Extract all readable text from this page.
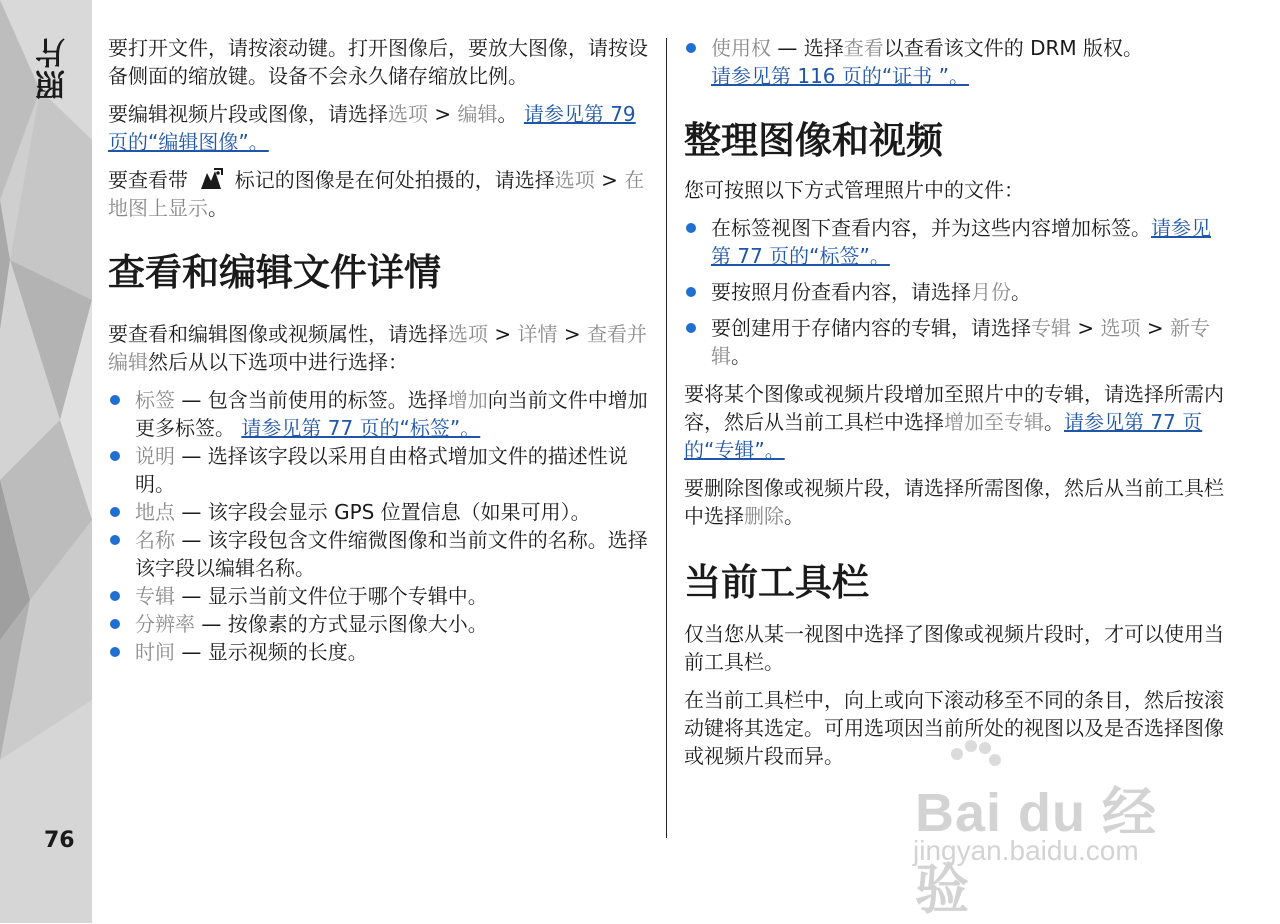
照片
76

要打开文件，请按滚动键。打开图像后，要放大图像，请按设备侧面的缩放键。设备不会永久储存缩放比例。

要编辑视频片段或图像，请选择选项 > 编辑。 请参见第 79 页的“编辑图像”。

要查看带  标记的图像是在何处拍摄的，请选择选项 > 在地图上显示。

查看和编辑文件详情

要查看和编辑图像或视频属性，请选择选项 > 详情 > 查看并编辑然后从以下选项中进行选择：

标签 — 包含当前使用的标签。选择增加向当前文件中增加更多标签。 请参见第 77 页的“标签”。
说明 — 选择该字段以采用自由格式增加文件的描述性说明。
地点 — 该字段会显示 GPS 位置信息（如果可用）。
名称 — 该字段包含文件缩微图像和当前文件的名称。选择该字段以编辑名称。
专辑 — 显示当前文件位于哪个专辑中。
分辨率 — 按像素的方式显示图像大小。
时间 — 显示视频的长度。
使用权 — 选择查看以查看该文件的 DRM 版权。
请参见第 116 页的“证书 ”。
整理图像和视频

您可按照以下方式管理照片中的文件：

在标签视图下查看内容，并为这些内容增加标签。请参见第 77 页的“标签”。
要按照月份查看内容，请选择月份。
要创建用于存储内容的专辑，请选择专辑 > 选项 > 新专辑。

要将某个图像或视频片段增加至照片中的专辑，请选择所需内容，然后从当前工具栏中选择增加至专辑。请参见第 77 页的“专辑”。

要删除图像或视频片段，请选择所需图像，然后从当前工具栏中选择删除。

当前工具栏

仅当您从某一视图中选择了图像或视频片段时，才可以使用当前工具栏。

在当前工具栏中，向上或向下滚动移至不同的条目，然后按滚动键将其选定。可用选项因当前所处的视图以及是否选择图像或视频片段而异。

Bai du 经验
jingyan.baidu.com
